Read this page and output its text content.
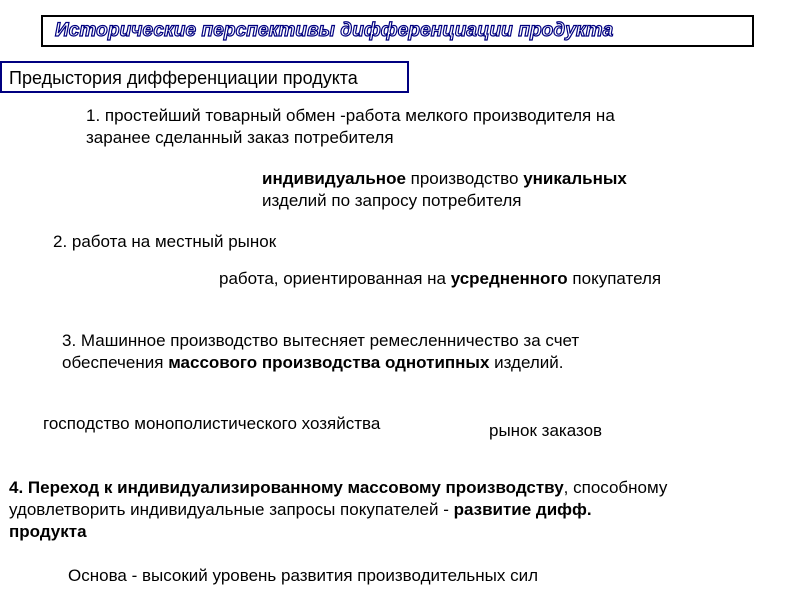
Исторические перспективы дифференциации продукта
Предыстория дифференциации продукта
1. простейший товарный обмен -работа мелкого производителя на
заранее сделанный заказ потребителя
индивидуальное производство уникальных
изделий по запросу потребителя
2. работа на местный рынок
работа, ориентированная на усредненного покупателя
3. Машинное производство вытесняет ремесленничество за счет
обеспечения массового производства однотипных изделий.
господство монополистического хозяйства	рынок заказов
4. Переход к индивидуализированному массовому производству, способному
удовлетворить индивидуальные запросы покупателей - развитие дифф.
продукта
Основа - высокий уровень развития производительных сил
